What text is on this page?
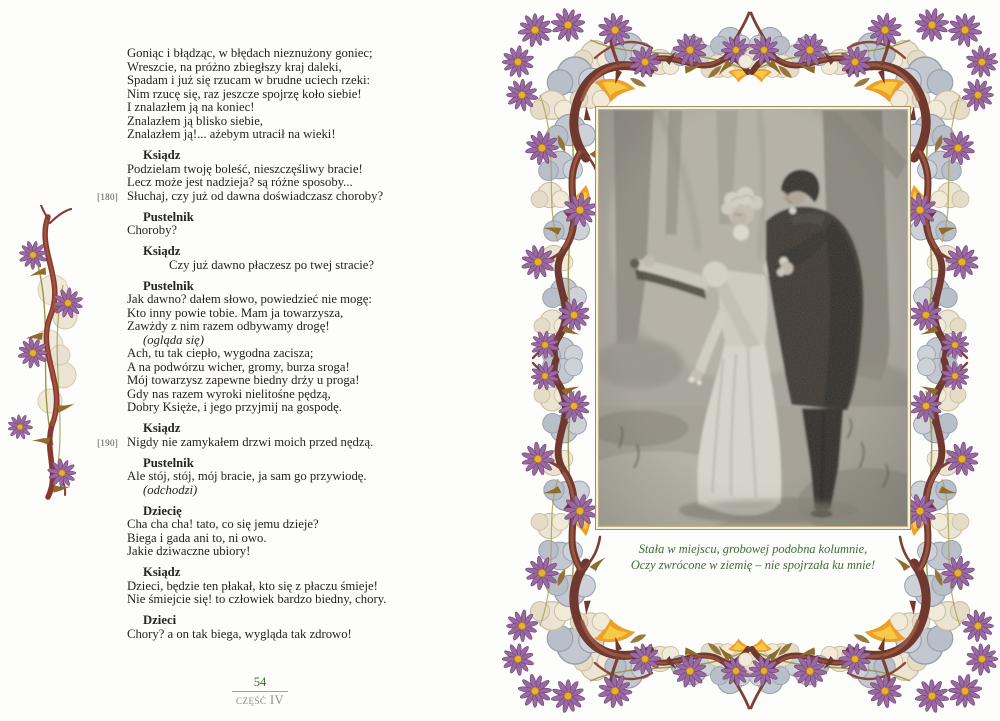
Goniąc i błądząc, w błędach nieznużony goniec;
Wreszcie, na próżno zbiegłszy kraj daleki,
Spadam i już się rzucam w brudne uciech rzeki:
Nim rzucę się, raz jeszcze spojrzę koło siebie!
I znalazłem ją na koniec!
Znalazłem ją blisko siebie,
Znalazłem ją!... ażebym utracił na wieki!
Ksiądz
Podzielam twoję boleść, nieszczęśliwy bracie!
Lecz może jest nadzieja? są różne sposoby...
[180] Słuchaj, czy już od dawna doświadczasz choroby?
Pustelnik
Choroby?
Ksiądz
Czy już dawno płaczesz po twej stracie?
Pustelnik
Jak dawno? dałem słowo, powiedzieć nie mogę:
Kto inny powie tobie. Mam ja towarzysza,
Zawżdy z nim razem odbywamy drogę!
(ogląda się)
Ach, tu tak ciepło, wygodna zacisza;
A na podwórzu wicher, gromy, burza sroga!
Mój towarzysz zapewne biedny drży u proga!
Gdy nas razem wyroki nielitośne pędzą,
Dobry Księże, i jego przyjmij na gospodę.
Ksiądz
[190] Nigdy nie zamykałem drzwi moich przed nędzą.
Pustelnik
Ale stój, stój, mój bracie, ja sam go przywiodę.
(odchodzi)
Dziecię
Cha cha cha! tato, co się jemu dzieje?
Biega i gada ani to, ni owo.
Jakie dziwaczne ubiory!
Ksiądz
Dzieci, będzie ten płakał, kto się z płaczu śmieje!
Nie śmiejcie się! to człowiek bardzo biedny, chory.
Dzieci
Chory? a on tak biega, wygląda tak zdrowo!
54
część IV
Stała w miejscu, grobowej podobna kolumnie,
Oczy zwrócone w ziemię – nie spojrzała ku mnie!
